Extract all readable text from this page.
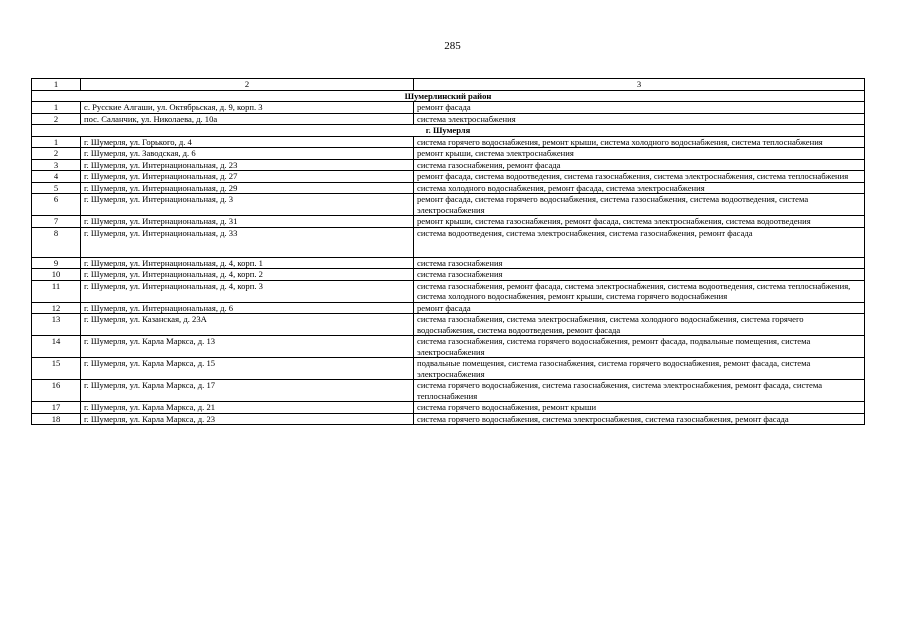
285
1	2	3
Шумерлинский район		
1	с. Русские Алгаши, ул. Октябрьская, д. 9, корп. 3	ремонт фасада
2	пос. Саланчик, ул. Николаева, д. 10а	система электроснабжения
г. Шумерля		
1	г. Шумерля, ул. Горького, д. 4	система горячего водоснабжения, ремонт крыши, система холодного водоснабжения, система теплоснабжения
2	г. Шумерля, ул. Заводская, д. 6	ремонт крыши, система электроснабжения
3	г. Шумерля, ул. Интернациональная, д. 23	система газоснабжения, ремонт фасада
4	г. Шумерля, ул. Интернациональная, д. 27	ремонт фасада, система водоотведения, система газоснабжения, система электроснабжения, система теплоснабжения
5	г. Шумерля, ул. Интернациональная, д. 29	система холодного водоснабжения, ремонт фасада, система электроснабжения
6	г. Шумерля, ул. Интернациональная, д. 3	ремонт фасада, система горячего водоснабжения, система газоснабжения, система водоотведения, система электроснабжения
7	г. Шумерля, ул. Интернациональная, д. 31	ремонт крыши, система газоснабжения, ремонт фасада, система электроснабжения, система водоотведения
8	г. Шумерля, ул. Интернациональная, д. 33	система водоотведения, система электроснабжения, система газоснабжения, ремонт фасада
9	г. Шумерля, ул. Интернациональная, д. 4, корп. 1	система газоснабжения
10	г. Шумерля, ул. Интернациональная, д. 4, корп. 2	система газоснабжения
11	г. Шумерля, ул. Интернациональная, д. 4, корп. 3	система газоснабжения, ремонт фасада, система электроснабжения, система водоотведения, система теплоснабжения, система холодного водоснабжения, ремонт крыши, система горячего водоснабжения
12	г. Шумерля, ул. Интернациональная, д. 6	ремонт фасада
13	г. Шумерля, ул. Казанская, д. 23А	система газоснабжения, система электроснабжения, система холодного водоснабжения, система горячего водоснабжения, система водоотведения, ремонт фасада
14	г. Шумерля, ул. Карла Маркса, д. 13	система газоснабжения, система горячего водоснабжения, ремонт фасада, подвальные помещения, система электроснабжения
15	г. Шумерля, ул. Карла Маркса, д. 15	подвальные помещения, система газоснабжения, система горячего водоснабжения, ремонт фасада, система электроснабжения
16	г. Шумерля, ул. Карла Маркса, д. 17	система горячего водоснабжения, система газоснабжения, система электроснабжения, ремонт фасада, система теплоснабжения
17	г. Шумерля, ул. Карла Маркса, д. 21	система горячего водоснабжения, ремонт крыши
18	г. Шумерля, ул. Карла Маркса, д. 23	система горячего водоснабжения, система электроснабжения, система газоснабжения, ремонт фасада
